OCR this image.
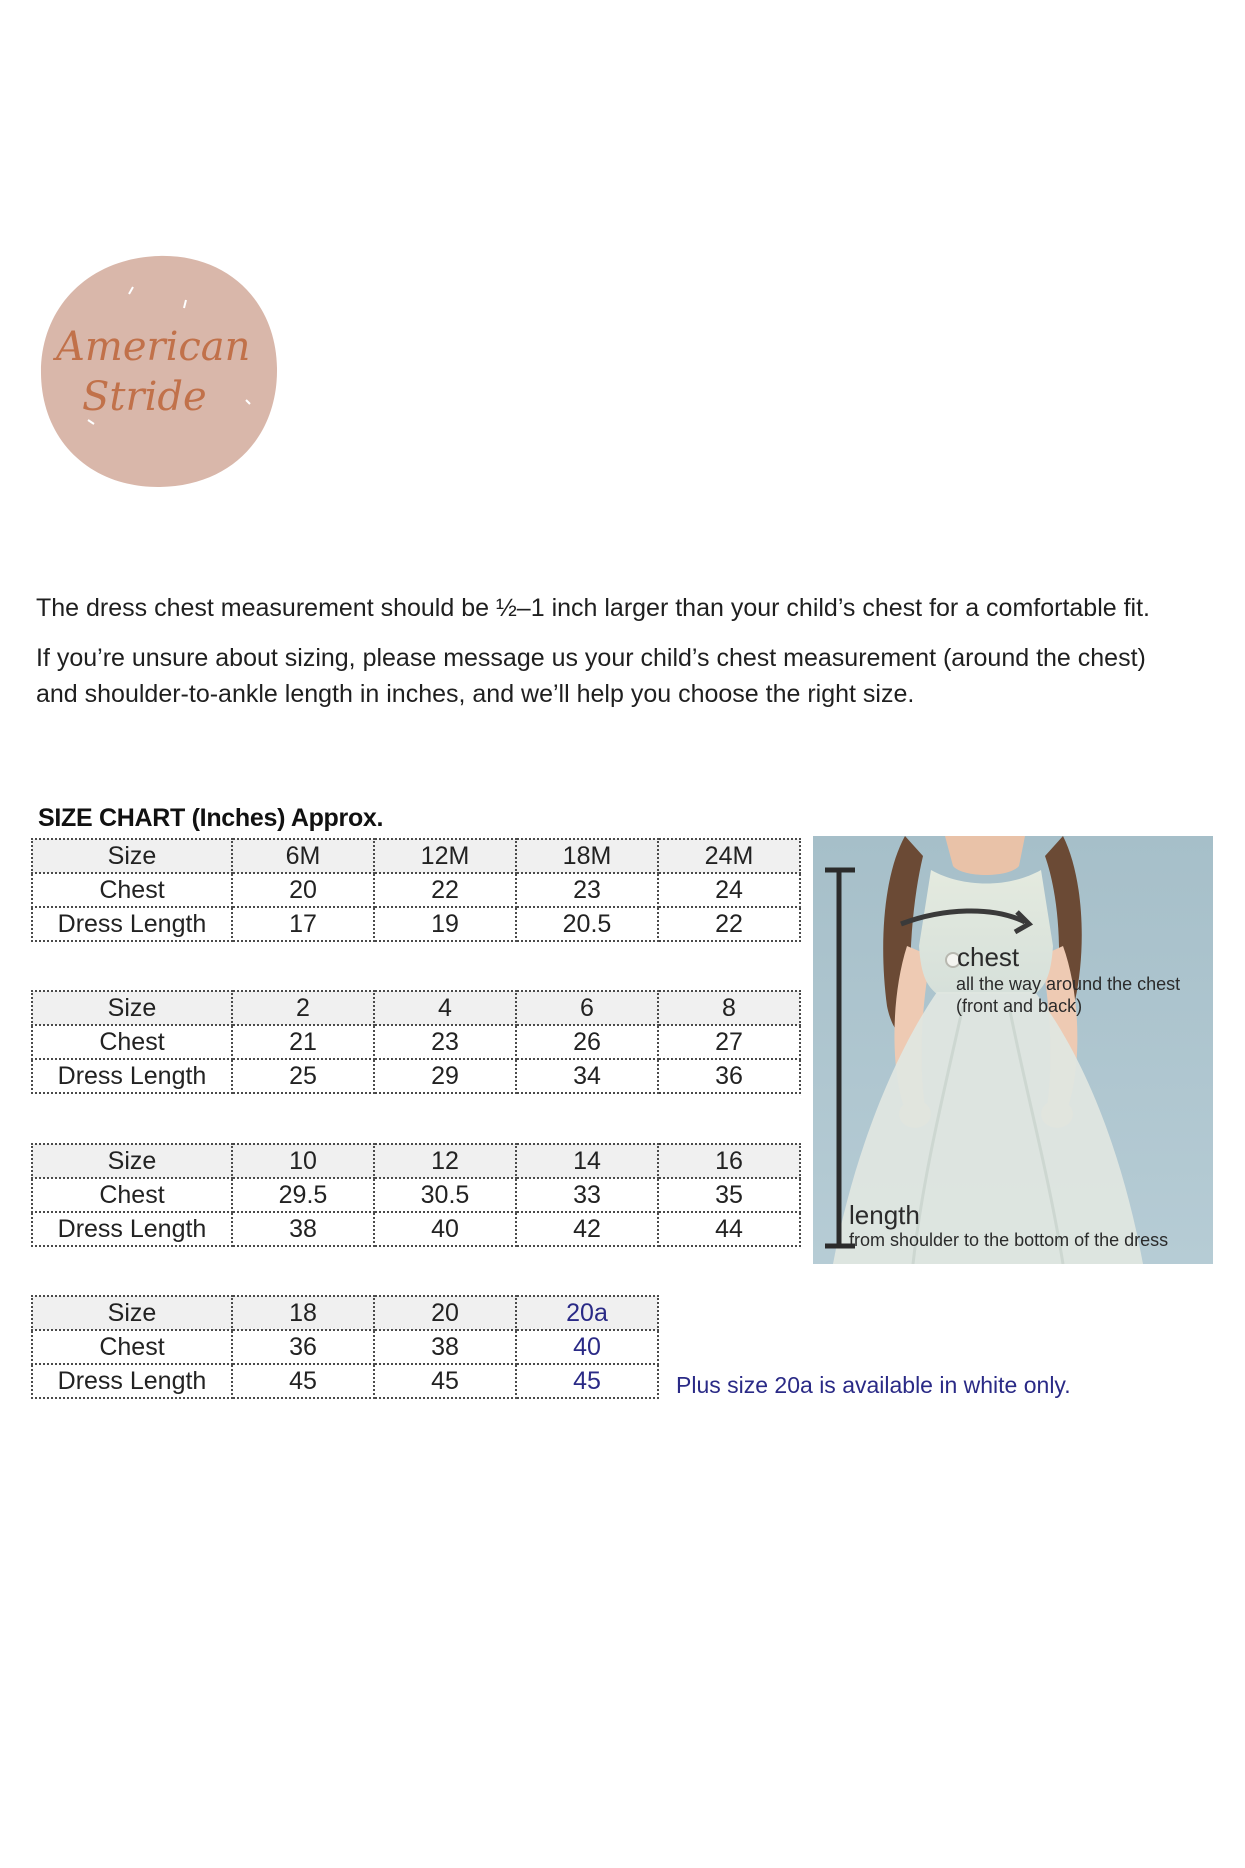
American
Stride
The dress chest measurement should be ½–1 inch larger than your child’s chest for a comfortable fit.
If you’re unsure about sizing, please message us your child’s chest measurement (around the chest) and shoulder-to-ankle length in inches, and we’ll help you choose the right size.
SIZE CHART (Inches) Approx.
Size	6M	12M	18M	24M
Chest	20	22	23	24
Dress Length	17	19	20.5	22
Size	2	4	6	8
Chest	21	23	26	27
Dress Length	25	29	34	36
Size	10	12	14	16
Chest	29.5	30.5	33	35
Dress Length	38	40	42	44
Size	18	20	20a
Chest	36	38	40
Dress Length	45	45	45	Plus size 20a is available in white only.
chest
all the way around the chest
(front and back)
length
from shoulder to the bottom of the dress
